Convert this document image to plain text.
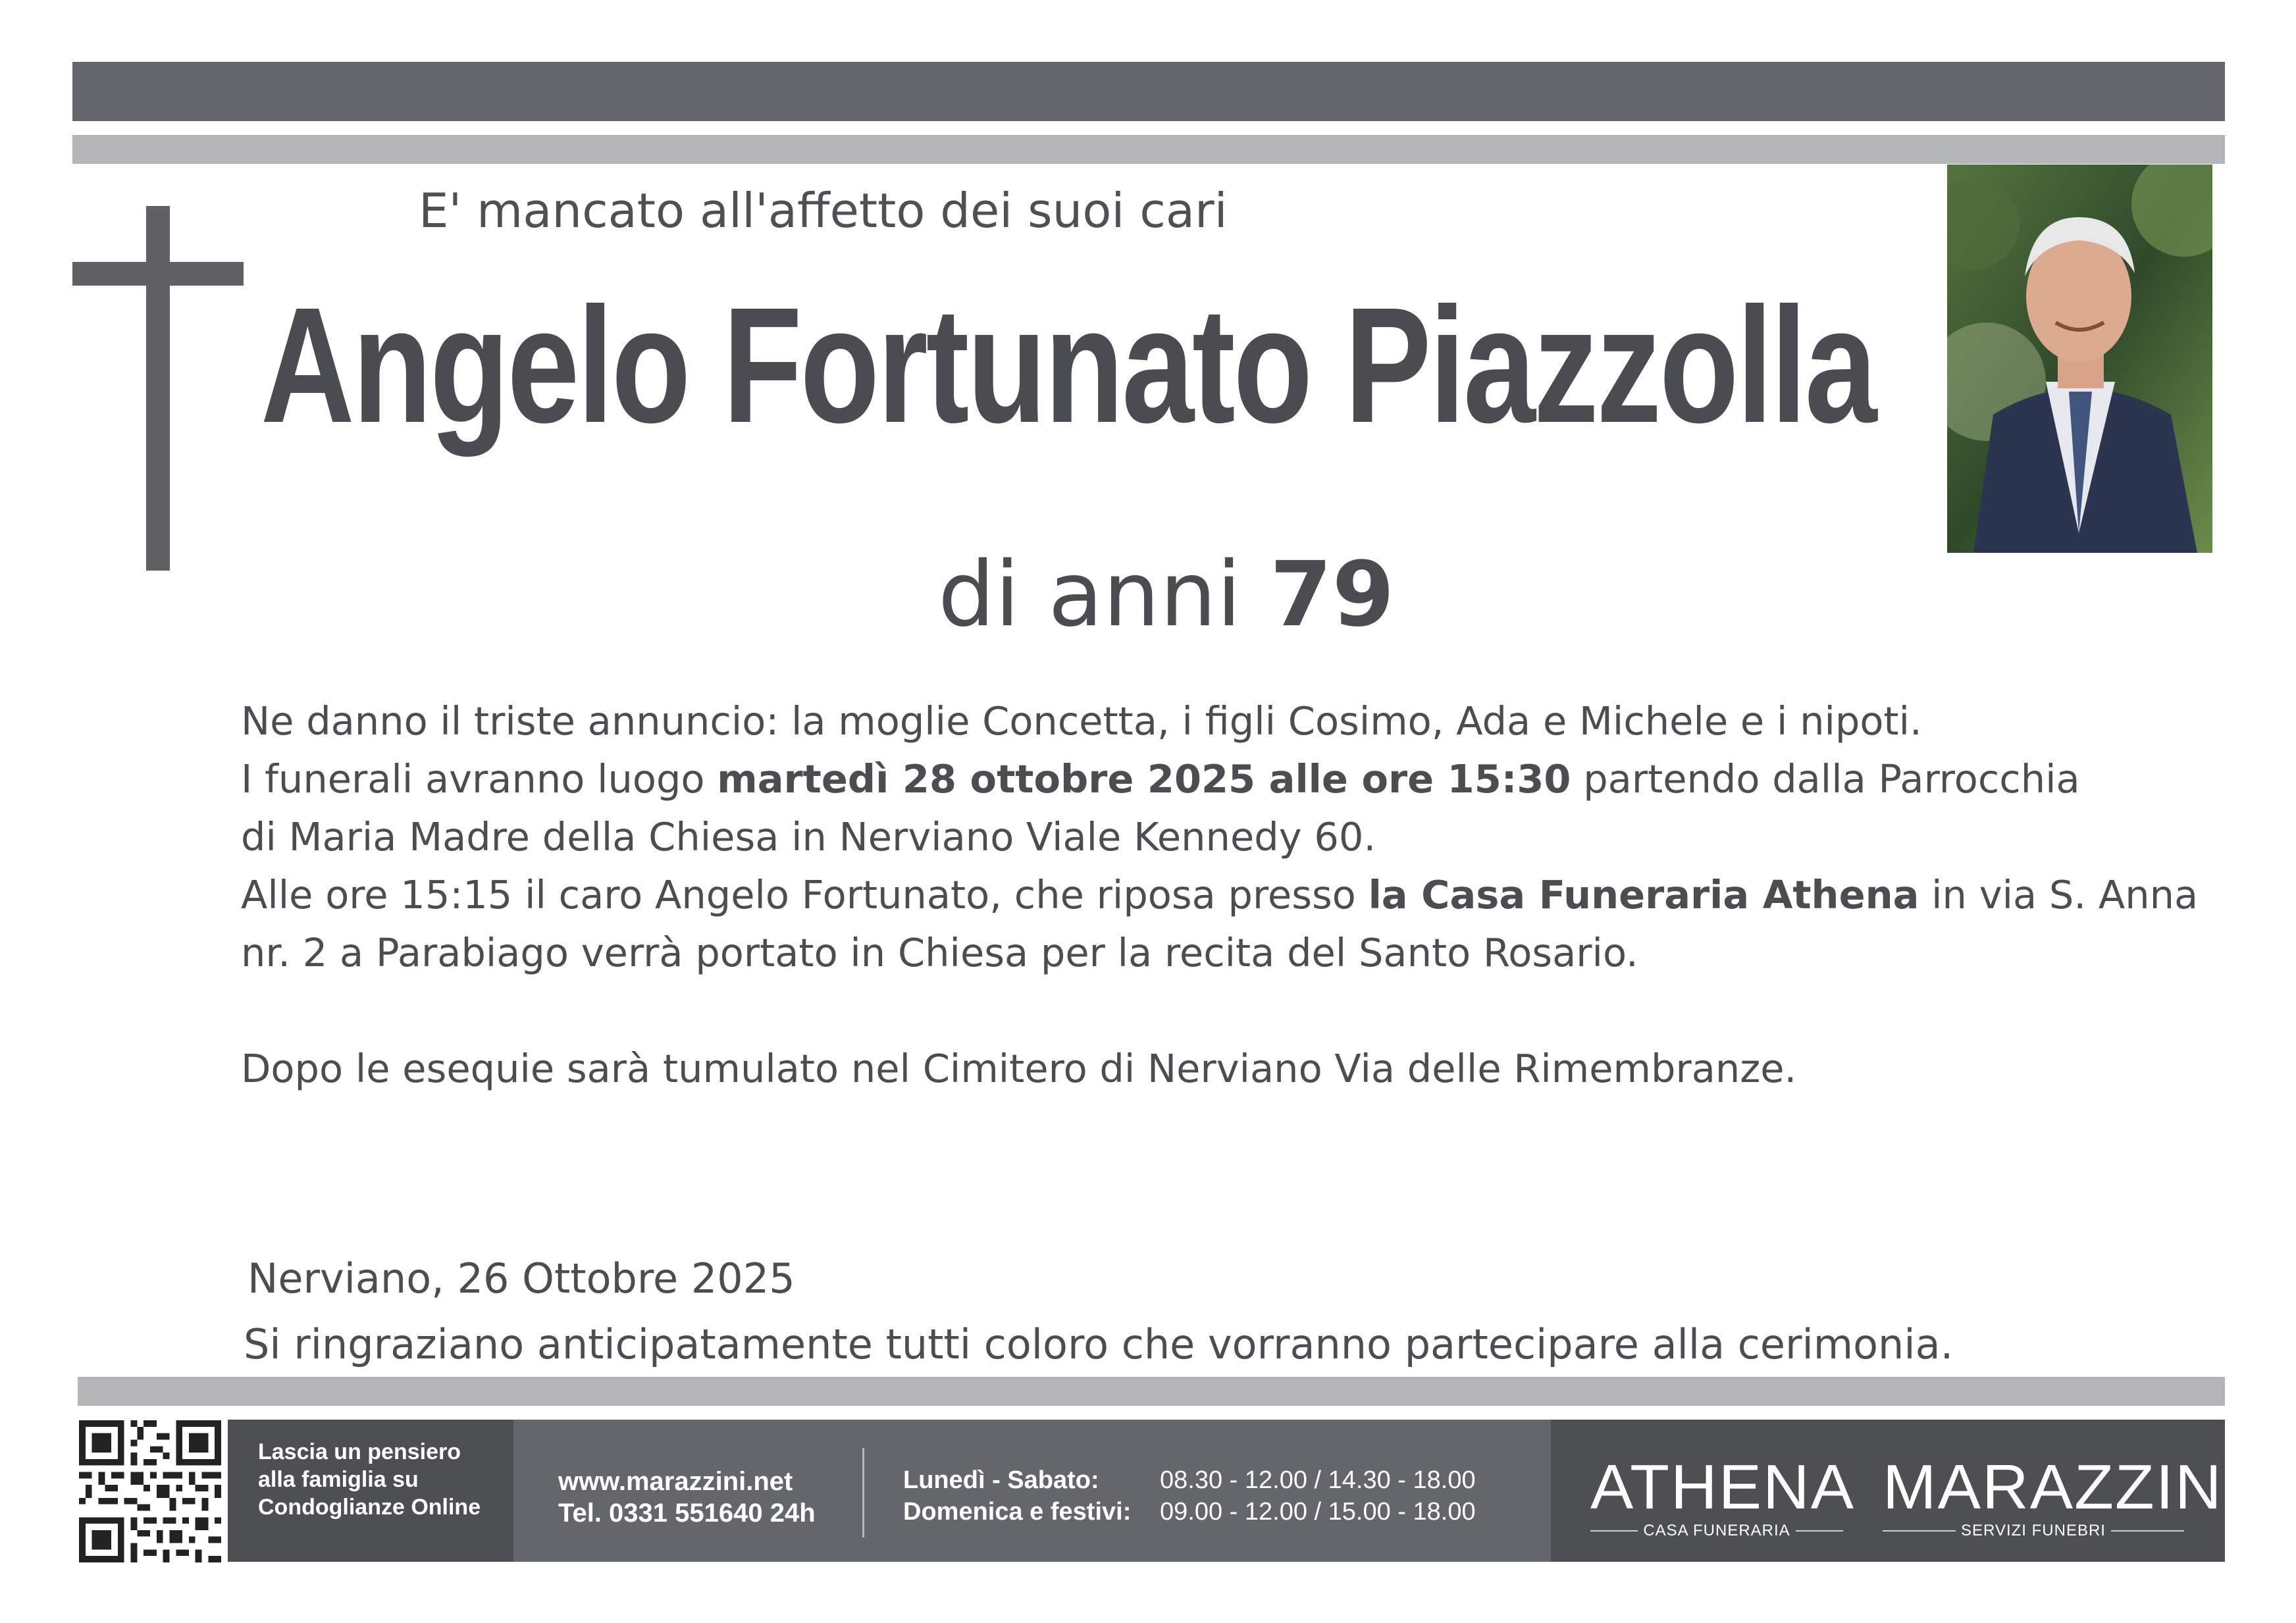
E' mancato all'affetto dei suoi cari
Angelo Fortunato Piazzolla
di anni 79
Ne danno il triste annuncio: la moglie Concetta, i figli Cosimo, Ada e Michele e i nipoti.
I funerali avranno luogo martedì 28 ottobre 2025 alle ore 15:30 partendo dalla Parrocchia
di Maria Madre della Chiesa in Nerviano Viale Kennedy 60.
Alle ore 15:15 il caro Angelo Fortunato, che riposa presso la Casa Funeraria Athena in via S. Anna
nr. 2 a Parabiago verrà portato in Chiesa per la recita del Santo Rosario.
Dopo le esequie sarà tumulato nel Cimitero di Nerviano Via delle Rimembranze.
Nerviano, 26 Ottobre 2025
Si ringraziano anticipatamente tutti coloro che vorranno partecipare alla cerimonia.
Lascia un pensiero alla famiglia su Condoglianze Online
www.marazzini.net
Tel. 0331 551640 24h
Lunedì - Sabato:
Domenica e festivi:
08.30 - 12.00 / 14.30 - 18.00
09.00 - 12.00 / 15.00 - 18.00 ATHENA
CASA FUNERARIA
MARAZZINI
SERVIZI FUNEBRI
